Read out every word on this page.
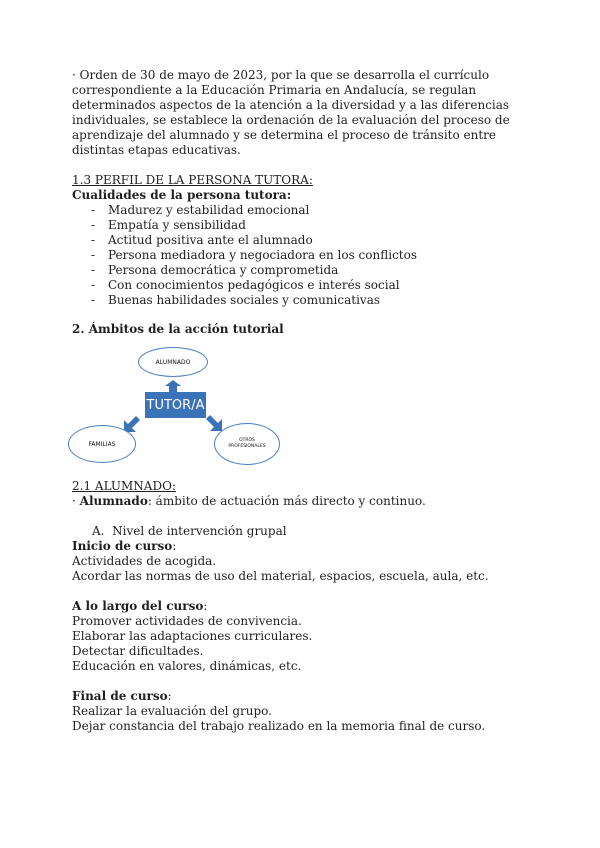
· Orden de 30 de mayo de 2023, por la que se desarrolla el currículo correspondiente a la Educación Primaria en Andalucía, se regulan determinados aspectos de la atención a la diversidad y a las diferencias individuales, se establece la ordenación de la evaluación del proceso de aprendizaje del alumnado y se determina el proceso de tránsito entre distintas etapas educativas.

1.3 PERFIL DE LA PERSONA TUTORA:

Cualidades de la persona tutora:

- Madurez y estabilidad emocional
- Empatía y sensibilidad
- Actitud positiva ante el alumnado
- Persona mediadora y negociadora en los conflictos
- Persona democrática y comprometida
- Con conocimientos pedagógicos e interés social
- Buenas habilidades sociales y comunicativas

2. Ámbitos de la acción tutorial

ALUMNADO
TUTOR/A
FAMILIAS	OTROS
PROFESIONALES

2.1 ALUMNADO:

· Alumnado: ámbito de actuación más directo y continuo.

A. Nivel de intervención grupal

Inicio de curso:

Actividades de acogida.

Acordar las normas de uso del material, espacios, escuela, aula, etc.

A lo largo del curso:

Promover actividades de convivencia.

Elaborar las adaptaciones curriculares.

Detectar dificultades.

Educación en valores, dinámicas, etc.

Final de curso:

Realizar la evaluación del grupo.

Dejar constancia del trabajo realizado en la memoria final de curso.
